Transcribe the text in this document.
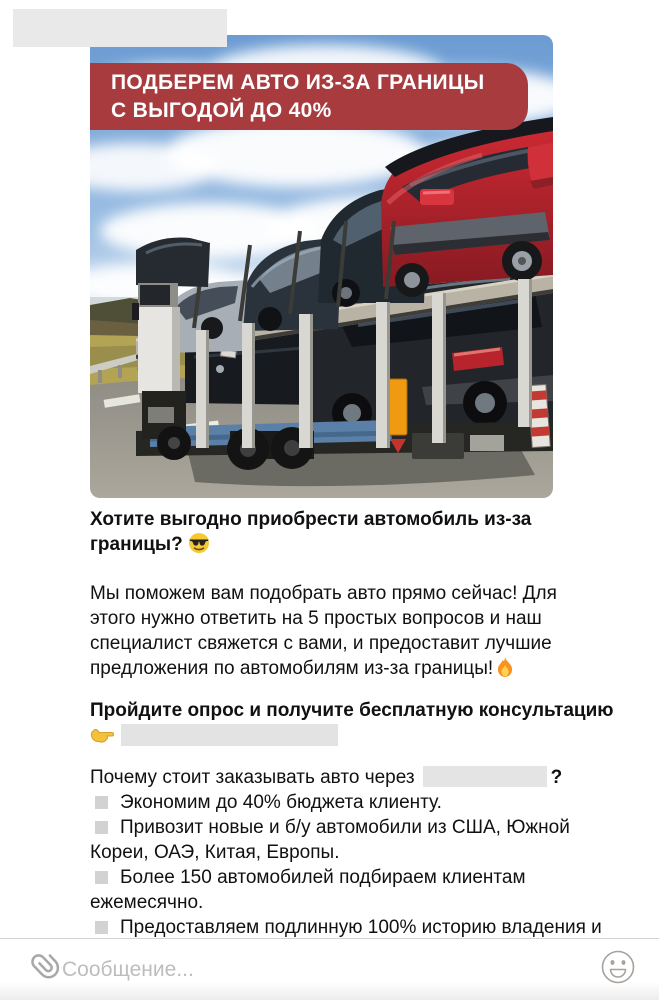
ПОДБЕРЕМ АВТО ИЗ-ЗА ГРАНИЦЫ
С ВЫГОДОЙ ДО 40%
Хотите выгодно приобрести автомобиль из-за
границы?
Мы поможем вам подобрать авто прямо сейчас! Для
этого нужно ответить на 5 простых вопросов и наш
специалист свяжется с вами, и предоставит лучшие
предложения по автомобилям из-за границы!
Пройдите опрос и получите бесплатную консультацию
Почему стоит заказывать авто через	?
Экономим до 40% бюджета клиенту.
Привозит новые и б/у автомобили из США, Южной
Кореи, ОАЭ, Китая, Европы.
Более 150 автомобилей подбираем клиентам
ежемесячно.
Предоставляем подлинную 100% историю владения и
Сообщение...
